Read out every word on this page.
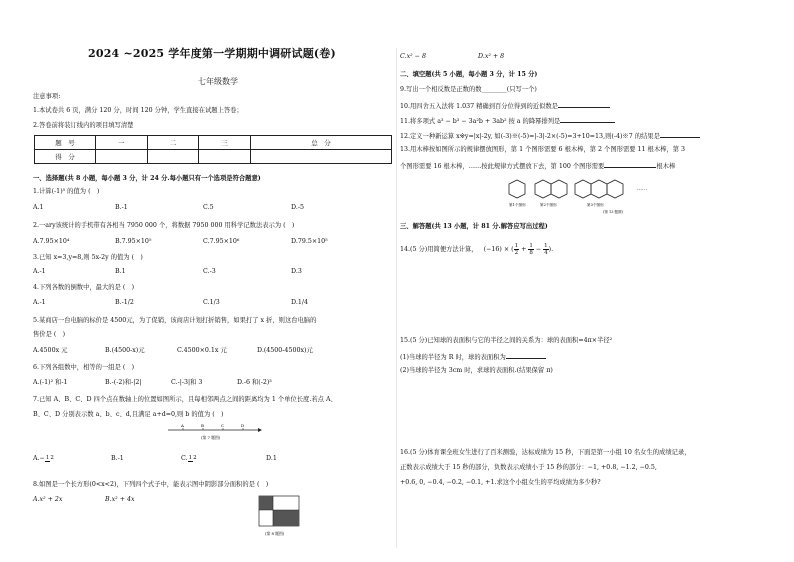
2024 ~2025 学年度第一学期期中调研试题(卷)
七年级数学
注意事项:
1.本试卷共 6 页，满分 120 分，时间 120 分钟，学生直接在试题上答卷；
2.答卷前将装订线内的项目填写清楚
题　号	一	二	三	总　分
得　分				
一、选择题(共 8 小题，每小题 3 分，计 24 分.每小题只有一个选项是符合题意)
1.计算(-1)⁵ 的值为 (　)
A.1	B.-1	C.5	D.-5
2.一ary该统计的手机带有各相当 7950 000 个，将数据 7950 000 用科学记数法表示为 (　)
A.7.95×10⁴	B.7.95×10⁵	C.7.95×10⁶	D.79.5×10⁵
3.已知 x=3,y=8,则 5x-2y 的值为 (　)
A.-1	B.1	C.-3	D.3
4.下列各数的倒数中，最大的是 (　)
A.-1	B.-1/2	C.1/3	D.1/4
5.某商店一台电脑的标价是 4500元，为了促销，该商店计划打折销售，如果打了 x 折，则这台电脑的
售价是 (　)
A.4500x 元	B.(4500-x)元	C.4500×0.1x 元	D.(4500-4500x)元
6.下列各组数中，相等的一组是 (　)
A.(-1)² 和-1	B.-(-2)和-|2|	C.-|-3|和 3	D.-6 和(-2)³
7.已知 A、B、C、D 四个点在数轴上的位置如图所示，且每相邻两点之间的距离均为 1 个单位长度.若点 A、
B、C、D 分别表示数 a、b、c、d,且满足 a+d=0,则 b 的值为 (　)
A	B	C	D
(第 7 题图)
A.−12	B.-1	C.12	D.1
8.如图是一个长方形(0<x<2)，下列四个式子中，能表示图中阴影部分面积的是 (　)
A.x² + 2x	B.x² + 4x
(第 8 题图)
C.x² − 8	D.x² + 8
二、填空题(共 5 小题，每小题 3 分，计 15 分)
9.写出一个相反数是正数的数________(只写一个)
10.用四舍五入法将 1.037 精确到百分位得到的近似数是
11.将多项式 a³ − b³ − 3a²b + 3ab² 按 a 的降幂排列是
12.定义一种新运算 x※y=|x|-2y, 如(-3)※(-5)=|-3|-2×(-5)=3+10=13,则(-4)※7 的结果是
13.用木棒按如图所示的规律摆放图形，第 1 个图形需要 6 根木棒，第 2 个图形需要 11 根木棒，第 3
个图形需要 16 根木棒，……按此规律方式摆放下去，第 100 个图形需要	根木棒
第1个图形	第2个图形	第3个图形
……
(第 13 题图)
三、解答题(共 13 小题，计 81 分.解答应写出过程)
14.(5 分)用简便方法计算， (−16) × ( $\frac{1}{2} + \frac{1}{8} - \frac{1}{4}$ ).
15.(5 分)已知球的表面积与它的半径之间的关系为：球的表面积=4π×半径²
(1)当球的半径为 R 时，球的表面积为
(2)当球的半径为 3cm 时，求球的表面积.(结果保留 π)
16.(5 分)体育课全班女生进行了百米测验，达标成绩为 15 秒，下面是第一小组 10 名女生的成绩记录，
正数表示成绩大于 15 秒的部分，负数表示成绩小于 15 秒的部分：−1, +0.8, −1.2, −0.5,
+0.6, 0, −0.4, −0.2, −0.1, +1.求这个小组女生的平均成绩为多少秒?
